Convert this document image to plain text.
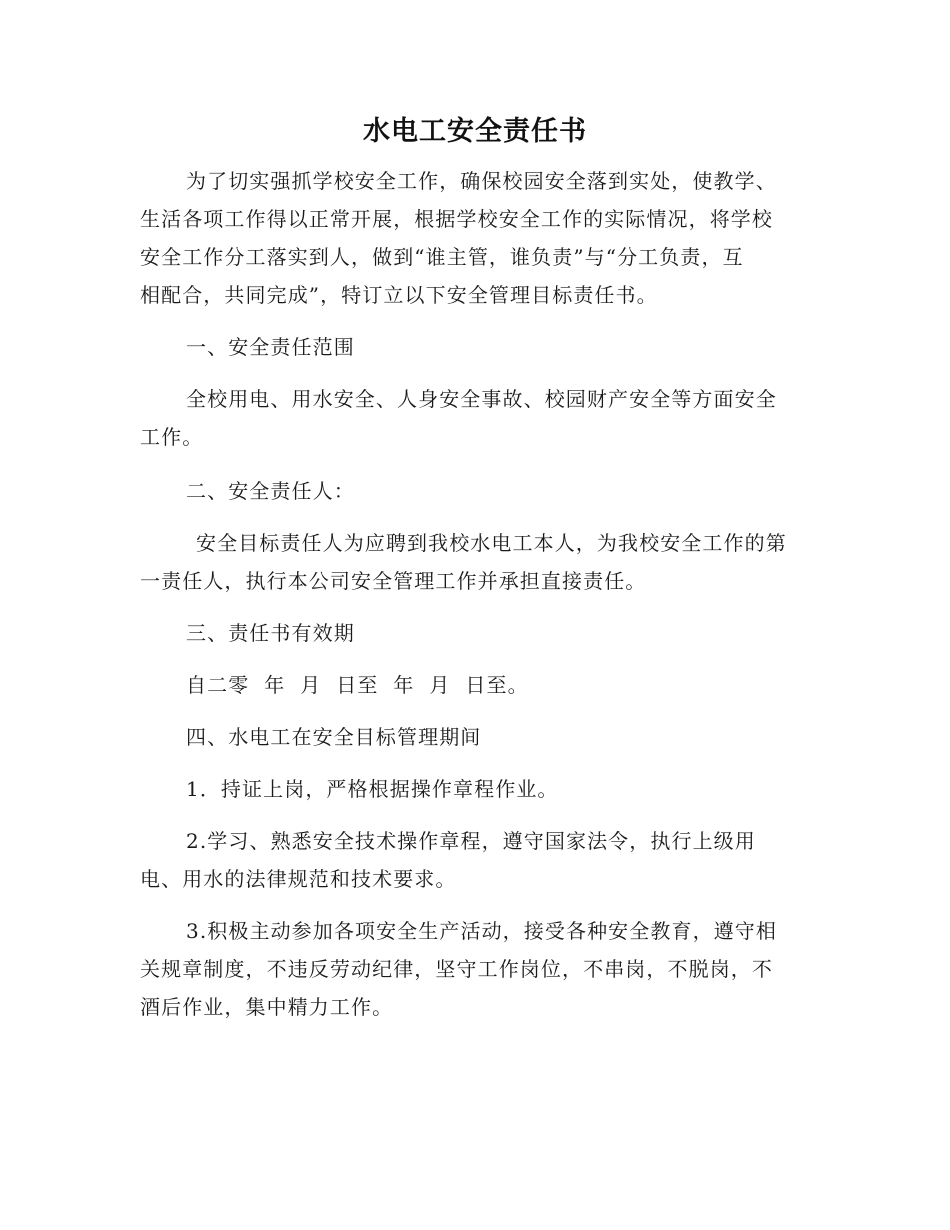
水电工安全责任书
为了切实强抓学校安全工作，确保校园安全落到实处，使教学、
生活各项工作得以正常开展，根据学校安全工作的实际情况，将学校
安全工作分工落实到人，做到“谁主管，谁负责”与“分工负责，互
相配合，共同完成”，特订立以下安全管理目标责任书。
一、安全责任范围
全校用电、用水安全、人身安全事故、校园财产安全等方面安全
工作。
二、安全责任人：
安全目标责任人为应聘到我校水电工本人，为我校安全工作的第
一责任人，执行本公司安全管理工作并承担直接责任。
三、责任书有效期
自二零  年  月  日至  年  月  日至。
四、水电工在安全目标管理期间
1．持证上岗，严格根据操作章程作业。
2.学习、熟悉安全技术操作章程，遵守国家法令，执行上级用
电、用水的法律规范和技术要求。
3.积极主动参加各项安全生产活动，接受各种安全教育，遵守相
关规章制度，不违反劳动纪律，坚守工作岗位，不串岗，不脱岗，不
酒后作业，集中精力工作。
